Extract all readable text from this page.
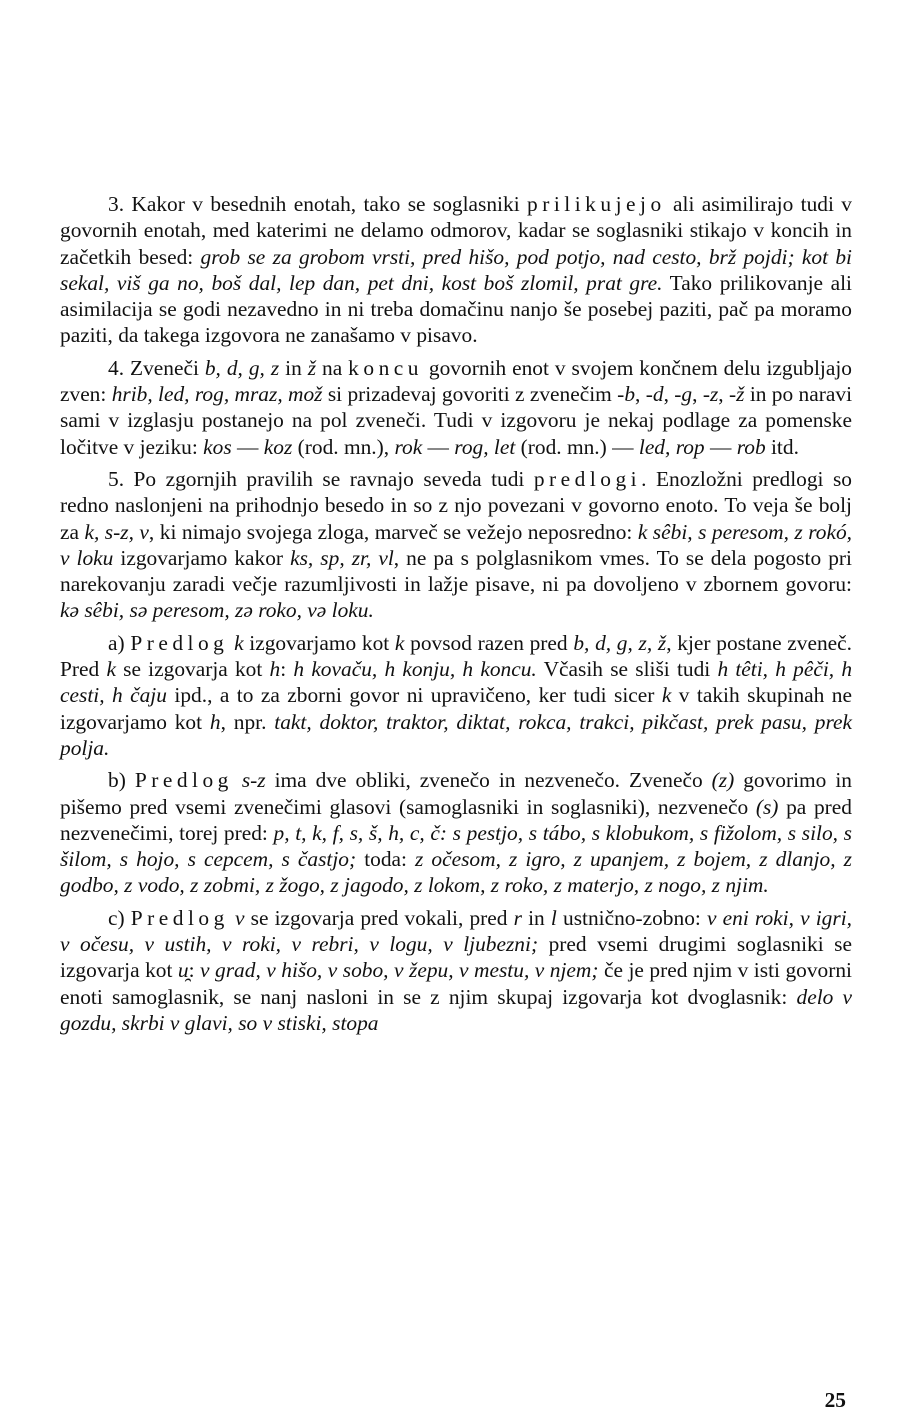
3. Kakor v besednih enotah, tako se soglasniki prilikujejo ali asimilirajo tudi v govornih enotah, med katerimi ne delamo odmorov, kadar se soglasniki stikajo v koncih in začetkih besed: grob se za grobom vrsti, pred hišo, pod potjo, nad cesto, brž pojdi; kot bi sekal, viš ga no, boš dal, lep dan, pet dni, kost boš zlomil, prat gre. Tako prilikovanje ali asimilacija se godi nezavedno in ni treba domačinu nanjo še posebej paziti, pač pa moramo paziti, da takega izgovora ne zanašamo v pisavo.

4. Zveneči b, d, g, z in ž na koncu govornih enot v svojem končnem delu izgubljajo zven: hrib, led, rog, mraz, mož si prizadevaj govoriti z zvenečim -b, -d, -g, -z, -ž in po naravi sami v izglasju postanejo na pol zveneči. Tudi v izgovoru je nekaj podlage za pomenske ločitve v jeziku: kos — koz (rod. mn.), rok — rog, let (rod. mn.) — led, rop — rob itd.

5. Po zgornjih pravilih se ravnajo seveda tudi predlogi. Enozložni predlogi so redno naslonjeni na prihodnjo besedo in so z njo povezani v govorno enoto. To veja še bolj za k, s-z, v, ki nimajo svojega zloga, marveč se vežejo neposredno: k sêbi, s peresom, z rokó, v loku izgovarjamo kakor ks, sp, zr, vl, ne pa s polglasnikom vmes. To se dela pogosto pri narekovanju zaradi večje razumljivosti in lažje pisave, ni pa dovoljeno v zbornem govoru: kə sêbi, sə peresom, zə roko, və loku.

a) Predlog k izgovarjamo kot k povsod razen pred b, d, g, z, ž, kjer postane zveneč. Pred k se izgovarja kot h: h kovaču, h konju, h koncu. Včasih se sliši tudi h têti, h pêči, h cesti, h čaju ipd., a to za zborni govor ni upravičeno, ker tudi sicer k v takih skupinah ne izgovarjamo kot h, npr. takt, doktor, traktor, diktat, rokca, trakci, pikčast, prek pasu, prek polja.

b) Predlog s-z ima dve obliki, zvenečo in nezvenečo. Zvenečo (z) govorimo in pišemo pred vsemi zvenečimi glasovi (samoglasniki in soglasniki), nezvenečo (s) pa pred nezvenečimi, torej pred: p, t, k, f, s, š, h, c, č: s pestjo, s tábo, s klobukom, s fižolom, s silo, s šilom, s hojo, s cepcem, s častjo; toda: z očesom, z igro, z upanjem, z bojem, z dlanjo, z godbo, z vodo, z zobmi, z žogo, z jagodo, z lokom, z roko, z materjo, z nogo, z njim.

c) Predlog v se izgovarja pred vokali, pred r in l ustnično-zobno: v eni roki, v igri, v očesu, v ustih, v roki, v rebri, v logu, v ljubezni; pred vsemi drugimi soglasniki se izgovarja kot u̯: v grad, v hišo, v sobo, v žepu, v mestu, v njem; če je pred njim v isti govorni enoti samoglasnik, se nanj nasloni in se z njim skupaj izgovarja kot dvoglasnik: delo v gozdu, skrbi v glavi, so v stiski, stopa

25
